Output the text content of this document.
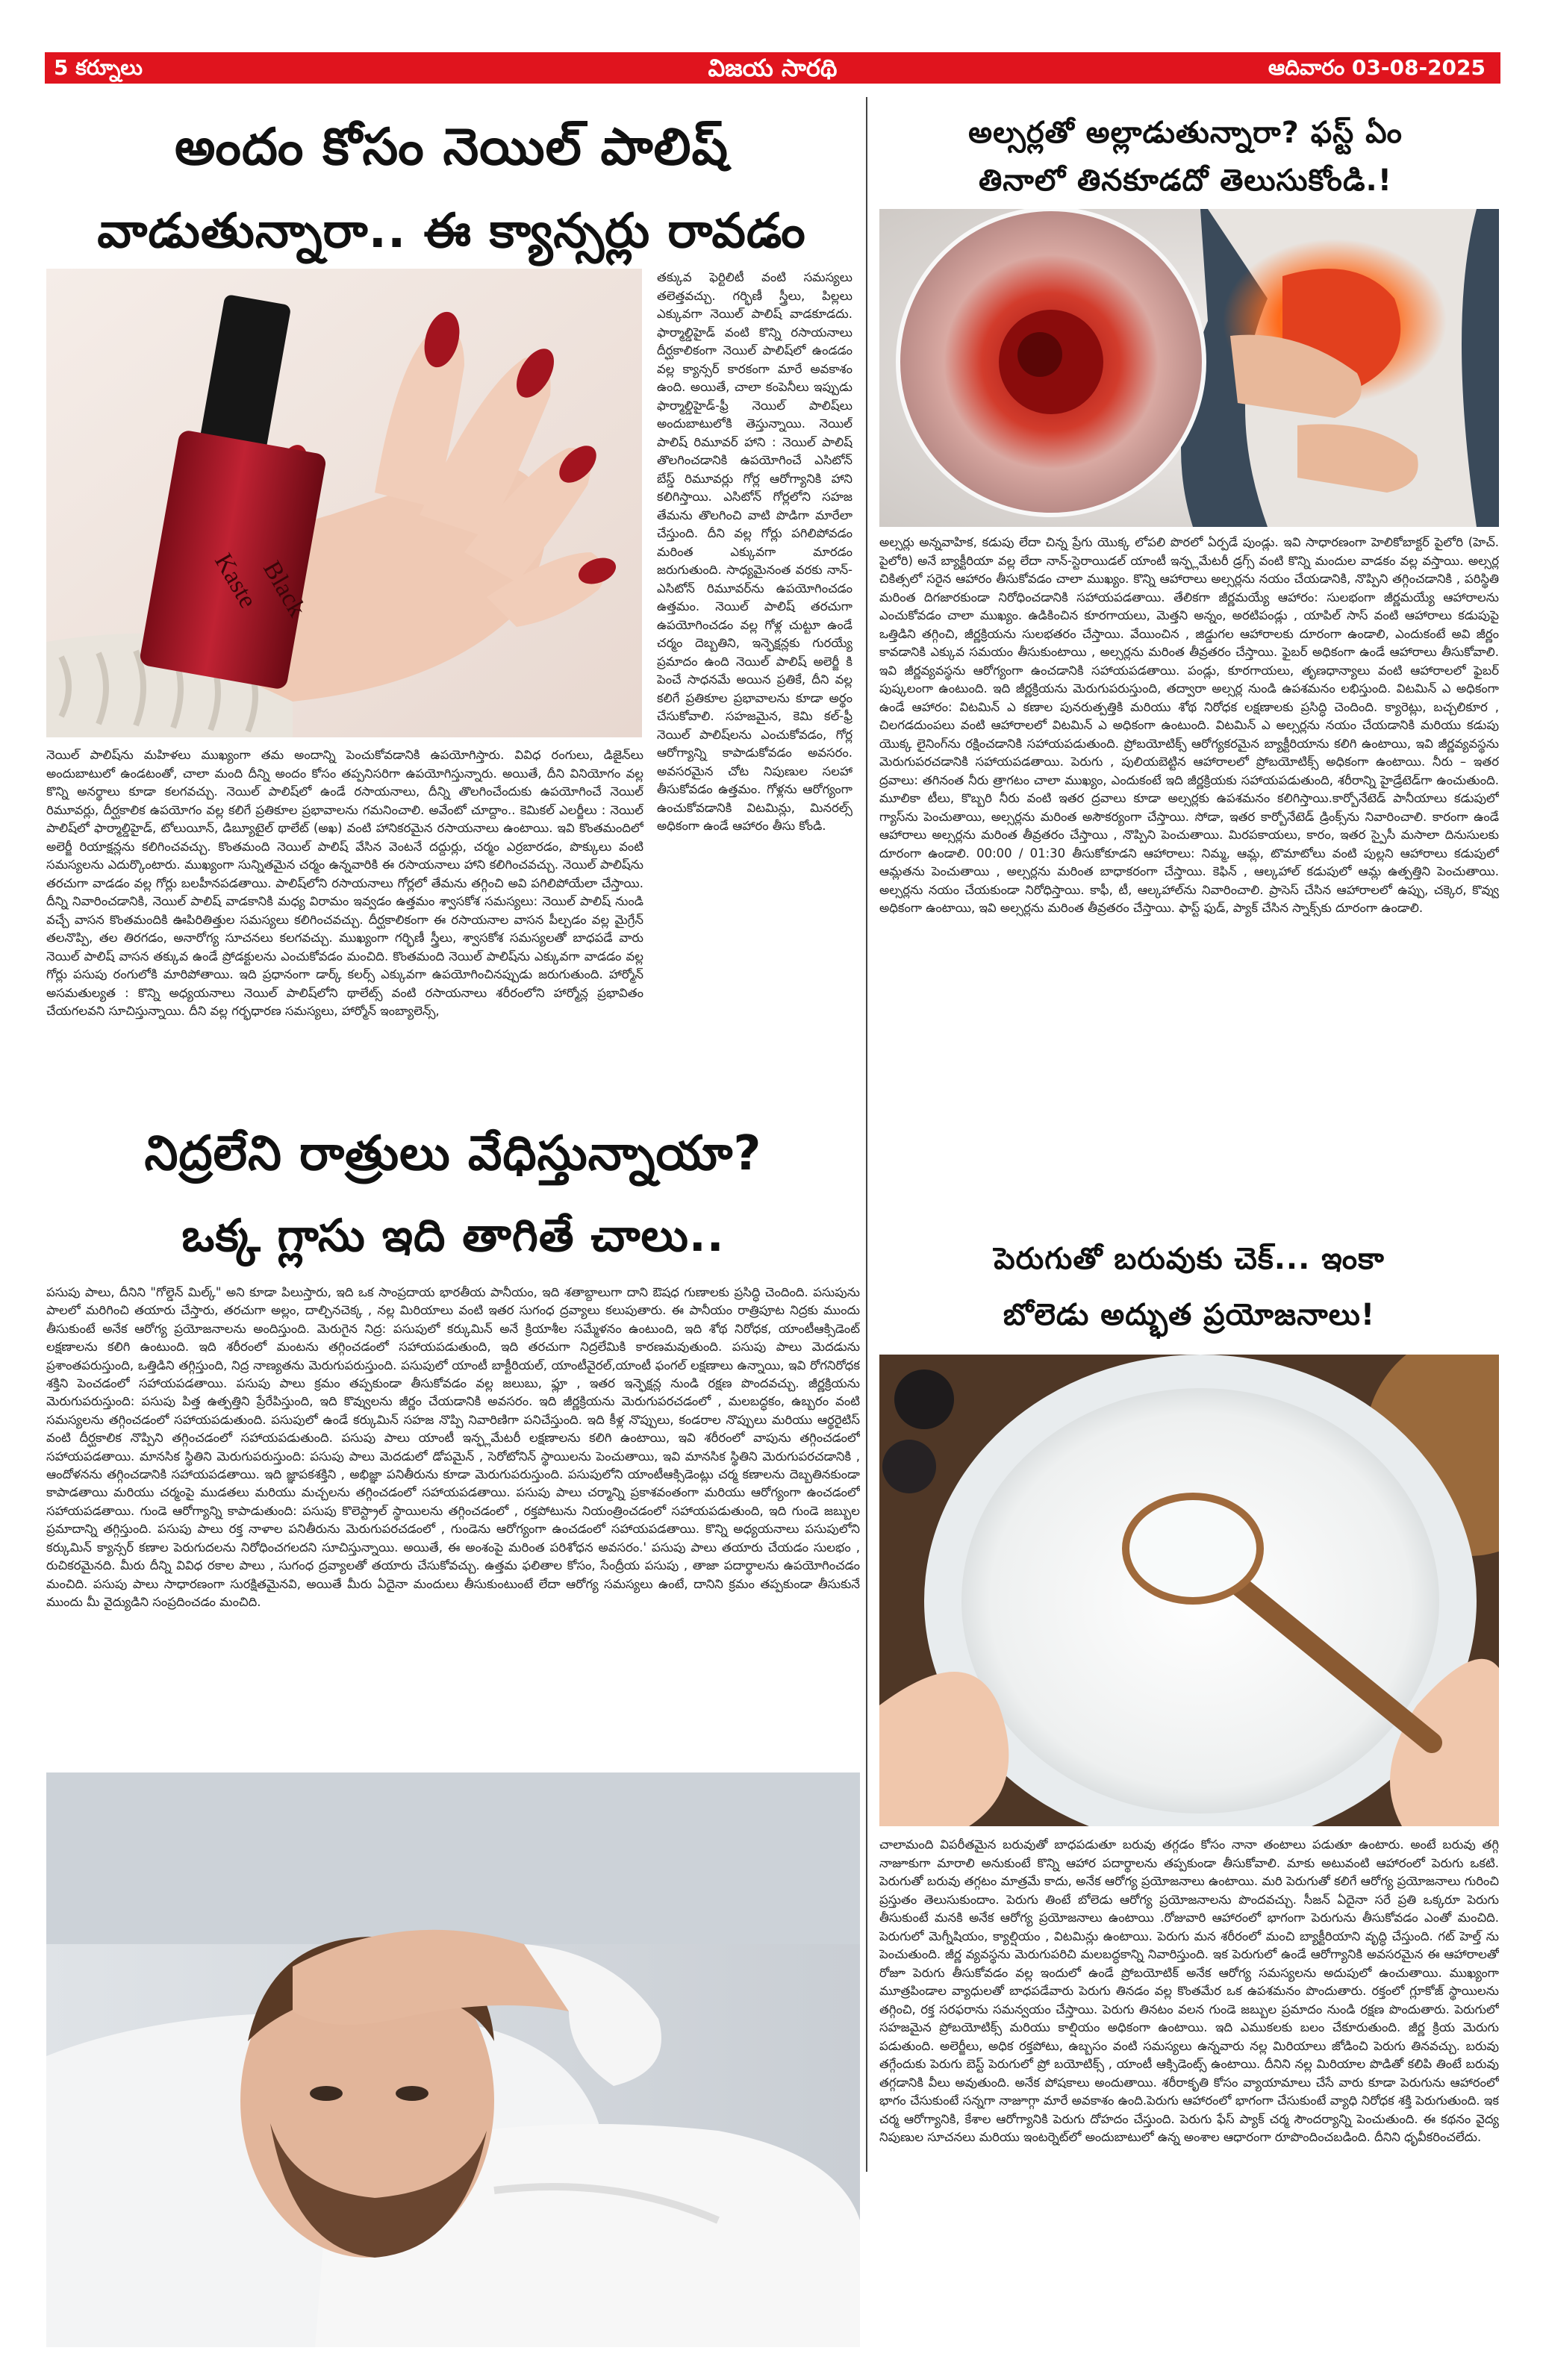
5 కర్నూలు	విజయ సారథి	ఆదివారం 03-08-2025
అందం కోసం నెయిల్ పాలిష్
వాడుతున్నారా.. ఈ క్యాన్సర్లు రావడం
Kaste
Black

తక్కువ ఫెర్టిలిటీ వంటి సమస్యలు తలెత్తవచ్చు. గర్భిణీ స్త్రీలు, పిల్లలు ఎక్కువగా నెయిల్ పాలిష్ వాడకూడదు. ఫార్మాల్డిహైడ్ వంటి కొన్ని రసాయనాలు దీర్ఘకాలికంగా నెయిల్ పాలిష్‌లో ఉండడం వల్ల క్యాన్సర్ కారకంగా మారే అవకాశం ఉంది. అయితే, చాలా కంపెనీలు ఇప్పుడు ఫార్మాల్డిహైడ్-ఫ్రీ నెయిల్ పాలిష్‌లు అందుబాటులోకి తెస్తున్నాయి. నెయిల్ పాలిష్ రిమూవర్ హాని : నెయిల్ పాలిష్ తొలగించడానికి ఉపయోగించే ఎసిటోన్ బేస్డ్ రిమూవర్లు గోర్ల ఆరోగ్యానికి హాని కలిగిస్తాయి. ఎసిటోన్ గోర్లలోని సహజ తేమను తొలగించి వాటి పొడిగా మారేలా చేస్తుంది. దీని వల్ల గోర్లు పగిలిపోవడం మరింత ఎక్కువగా మారడం జరుగుతుంది. సాధ్యమైనంత వరకు నాన్-ఎసిటోన్ రిమూవర్‌ను ఉపయోగించడం ఉత్తమం. నెయిల్ పాలిష్ తరచుగా ఉపయోగించడం వల్ల గోళ్ల చుట్టూ ఉండే చర్మం దెబ్బతిని, ఇన్ఫెక్షన్లకు గురయ్యే ప్రమాదం ఉంది నెయిల్ పాలిష్ అలెర్జీ కి పెంచే సాధనమే అయిన ప్రతికే, దీని వల్ల కలిగే ప్రతికూల ప్రభావాలను కూడా అర్థం చేసుకోవాలి. సహజమైన, కెమి కల్-ఫ్రీ నెయిల్ పాలిష్‌లను ఎంచుకోవడం, గోర్ల ఆరోగ్యాన్ని కాపాడుకోవడం అవసరం. అవసరమైన చోట నిపుణుల సలహా తీసుకోవడం ఉత్తమం. గోళ్లను ఆరోగ్యంగా ఉంచుకోవడానికి విటమిన్లు, మినరల్స్ అధికంగా ఉండే ఆహారం తీసు కోండి.

నెయిల్ పాలిష్‌ను మహిళలు ముఖ్యంగా తమ అందాన్ని పెంచుకోవడానికి ఉపయోగిస్తారు. వివిధ రంగులు, డిజైన్‌లు అందుబాటులో ఉండటంతో, చాలా మంది దీన్ని అందం కోసం తప్పనిసరిగా ఉపయోగిస్తున్నారు. అయితే, దీని వినియోగం వల్ల కొన్ని అనర్థాలు కూడా కలగవచ్చు. నెయిల్ పాలిష్‌లో ఉండే రసాయనాలు, దీన్ని తొలగించేందుకు ఉపయోగించే నెయిల్ రిమూవర్లు, దీర్ఘకాలిక ఉపయోగం వల్ల కలిగే ప్రతికూల ప్రభావాలను గమనించాలి. అవేంటో చూద్దాం.. కెమికల్ ఎలర్జీలు : నెయిల్ పాలిష్‌లో ఫార్మాల్డిహైడ్, టోలుయీన్, డిబ్యూటైల్ థాలేట్ (అఖ) వంటి హానికరమైన రసాయనాలు ఉంటాయి. ఇవి కొంతమందిలో అలెర్జీ రియాక్షన్లను కలిగించవచ్చు. కొంతమంది నెయిల్ పాలిష్ వేసిన వెంటనే దద్దుర్లు, చర్మం ఎర్రబారడం, పొక్కులు వంటి సమస్యలను ఎదుర్కొంటారు. ముఖ్యంగా సున్నితమైన చర్మం ఉన్నవారికి ఈ రసాయనాలు హాని కలిగించవచ్చు. నెయిల్ పాలిష్‌ను తరచుగా వాడడం వల్ల గోర్లు బలహీనపడతాయి. పాలిష్‌లోని రసాయనాలు గోర్లలో తేమను తగ్గించి అవి పగిలిపోయేలా చేస్తాయి. దీన్ని నివారించడానికి, నెయిల్ పాలిష్ వాడకానికి మధ్య విరామం ఇవ్వడం ఉత్తమం శ్వాసకోశ సమస్యలు: నెయిల్ పాలిష్ నుండి వచ్చే వాసన కొంతమందికి ఊపిరితిత్తుల సమస్యలు కలిగించవచ్చు. దీర్ఘకాలికంగా ఈ రసాయనాల వాసన పీల్చడం వల్ల మైగ్రేన్ తలనొప్పి, తల తిరగడం, అనారోగ్య సూచనలు కలగవచ్చు. ముఖ్యంగా గర్భిణీ స్త్రీలు, శ్వాసకోశ సమస్యలతో బాధపడే వారు నెయిల్ పాలిష్ వాసన తక్కువ ఉండే ప్రోడక్టులను ఎంచుకోవడం మంచిది. కొంతమంది నెయిల్ పాలిష్‌ను ఎక్కువగా వాడడం వల్ల గోర్లు పసుపు రంగులోకి మారిపోతాయి. ఇది ప్రధానంగా డార్క్ కలర్స్ ఎక్కువగా ఉపయోగించినప్పుడు జరుగుతుంది. హార్మోన్ అసమతుల్యత : కొన్ని అధ్యయనాలు నెయిల్ పాలిష్‌లోని థాలేట్స్ వంటి రసాయనాలు శరీరంలోని హార్మోన్ల ప్రభావితం చేయగలవని సూచిస్తున్నాయి. దీని వల్ల గర్భధారణ సమస్యలు, హార్మోన్ ఇంబ్యాలెన్స్,

అల్సర్లతో అల్లాడుతున్నారా? ఫస్ట్ ఏం
తినాలో తినకూడదో తెలుసుకోండి.!

అల్సర్లు అన్నవాహిక, కడుపు లేదా చిన్న ప్రేగు యొక్క లోపలి పొరలో ఏర్పడే పుండ్లు. ఇవి సాధారణంగా హెలికోబాక్టర్ పైలోరి (హెచ్. పైలోరి) అనే బ్యాక్టీరియా వల్ల లేదా నాన్-స్టెరాయిడల్ యాంటీ ఇన్ఫ్లమేటరీ డ్రగ్స్ వంటి కొన్ని మందుల వాడకం వల్ల వస్తాయి. అల్సర్ల చికిత్సలో సరైన ఆహారం తీసుకోవడం చాలా ముఖ్యం. కొన్ని ఆహారాలు అల్సర్లను నయం చేయడానికి, నొప్పిని తగ్గించడానికి , పరిస్థితి మరింత దిగజారకుండా నిరోధించడానికి సహాయపడతాయి. తేలికగా జీర్ణమయ్యే ఆహారం: సులభంగా జీర్ణమయ్యే ఆహారాలను ఎంచుకోవడం చాలా ముఖ్యం. ఉడికించిన కూరగాయలు, మెత్తని అన్నం, అరటిపండ్లు , యాపిల్ సాస్ వంటి ఆహారాలు కడుపుపై ఒత్తిడిని తగ్గించి, జీర్ణక్రియను సులభతరం చేస్తాయి. వేయించిన , జిడ్డుగల ఆహారాలకు దూరంగా ఉండాలి, ఎందుకంటే అవి జీర్ణం కావడానికి ఎక్కువ సమయం తీసుకుంటాయి , అల్సర్లను మరింత తీవ్రతరం చేస్తాయి. ఫైబర్ అధికంగా ఉండే ఆహారాలు తీసుకోవాలి. ఇవి జీర్ణవ్యవస్థను ఆరోగ్యంగా ఉంచడానికి సహాయపడతాయి. పండ్లు, కూరగాయలు, తృణధాన్యాలు వంటి ఆహారాలలో ఫైబర్ పుష్కలంగా ఉంటుంది. ఇది జీర్ణక్రియను మెరుగుపరుస్తుంది, తద్వారా అల్సర్ల నుండి ఉపశమనం లభిస్తుంది. విటమిన్ ఎ అధికంగా ఉండే ఆహారం: విటమిన్ ఎ కణాల పునరుత్పత్తికి మరియు శోథ నిరోధక లక్షణాలకు ప్రసిద్ధి చెందింది. క్యారెట్లు, బచ్చలికూర , చిలగడదుంపలు వంటి ఆహారాలలో విటమిన్ ఎ అధికంగా ఉంటుంది. విటమిన్ ఎ అల్సర్లను నయం చేయడానికి మరియు కడుపు యొక్క లైనింగ్‌ను రక్షించడానికి సహాయపడుతుంది. ప్రోబయోటిక్స్ ఆరోగ్యకరమైన బ్యాక్టీరియాను కలిగి ఉంటాయి, ఇవి జీర్ణవ్యవస్థను మెరుగుపరచడానికి సహాయపడతాయి. పెరుగు , పులియబెట్టిన ఆహారాలలో ప్రోబయోటిక్స్ అధికంగా ఉంటాయి. నీరు – ఇతర ద్రవాలు: తగినంత నీరు త్రాగటం చాలా ముఖ్యం, ఎందుకంటే ఇది జీర్ణక్రియకు సహాయపడుతుంది, శరీరాన్ని హైడ్రేటెడ్‌గా ఉంచుతుంది. మూలికా టీలు, కొబ్బరి నీరు వంటి ఇతర ద్రవాలు కూడా అల్సర్లకు ఉపశమనం కలిగిస్తాయి.కార్బోనేటెడ్ పానీయాలు కడుపులో గ్యాస్‌ను పెంచుతాయి, అల్సర్లను మరింత అసౌకర్యంగా చేస్తాయి. సోడా, ఇతర కార్బోనేటెడ్ డ్రింక్స్‌ను నివారించాలి. కారంగా ఉండే ఆహారాలు అల్సర్లను మరింత తీవ్రతరం చేస్తాయి , నొప్పిని పెంచుతాయి. మిరపకాయలు, కారం, ఇతర స్పైసీ మసాలా దినుసులకు దూరంగా ఉండాలి. 00:00 / 01:30 తీసుకోకూడని ఆహారాలు: నిమ్మ, ఆమ్ల, టొమాటోలు వంటి పుల్లని ఆహారాలు కడుపులో ఆమ్లతను పెంచుతాయి , అల్సర్లను మరింత బాధాకరంగా చేస్తాయి. కెఫిన్ , ఆల్కహాల్ కడుపులో ఆమ్ల ఉత్పత్తిని పెంచుతాయి. అల్సర్లను నయం చేయకుండా నిరోధిస్తాయి. కాఫీ, టీ, ఆల్కహాల్‌ను నివారించాలి. ప్రాసెస్ చేసిన ఆహారాలలో ఉప్పు, చక్కెర, కొవ్వు అధికంగా ఉంటాయి, ఇవి అల్సర్లను మరింత తీవ్రతరం చేస్తాయి. ఫాస్ట్ ఫుడ్, ప్యాక్ చేసిన స్నాక్స్‌కు దూరంగా ఉండాలి.

నిద్రలేని రాత్రులు వేధిస్తున్నాయా?
ఒక్క గ్లాసు ఇది తాగితే చాలు..

పసుపు పాలు, దీనిని "గోల్డెన్ మిల్క్" అని కూడా పిలుస్తారు, ఇది ఒక సాంప్రదాయ భారతీయ పానీయం, ఇది శతాబ్దాలుగా దాని ఔషధ గుణాలకు ప్రసిద్ధి చెందింది. పసుపును పాలలో మరిగించి తయారు చేస్తారు, తరచుగా అల్లం, దాల్చినచెక్క , నల్ల మిరియాలు వంటి ఇతర సుగంధ ద్రవ్యాలు కలుపుతారు. ఈ పానీయం రాత్రిపూట నిద్రకు ముందు తీసుకుంటే అనేక ఆరోగ్య ప్రయోజనాలను అందిస్తుంది. మెరుగైన నిద్ర: పసుపులో కర్కుమిన్ అనే క్రియాశీల సమ్మేళనం ఉంటుంది, ఇది శోథ నిరోధక, యాంటీఆక్సిడెంట్ లక్షణాలను కలిగి ఉంటుంది. ఇది శరీరంలో మంటను తగ్గించడంలో సహాయపడుతుంది, ఇది తరచుగా నిద్రలేమికి కారణమవుతుంది. పసుపు పాలు మెదడును ప్రశాంతపరుస్తుంది, ఒత్తిడిని తగ్గిస్తుంది, నిద్ర నాణ్యతను మెరుగుపరుస్తుంది. పసుపులో యాంటీ బాక్టీరియల్, యాంటీవైరల్,యాంటీ ఫంగల్ లక్షణాలు ఉన్నాయి, ఇవి రోగనిరోధక శక్తిని పెంచడంలో సహాయపడతాయి. పసుపు పాలు క్రమం తప్పకుండా తీసుకోవడం వల్ల జలుబు, ఫ్లూ , ఇతర ఇన్ఫెక్షన్ల నుండి రక్షణ పొందవచ్చు. జీర్ణక్రియను మెరుగుపరుస్తుంది: పసుపు పిత్త ఉత్పత్తిని ప్రేరేపిస్తుంది, ఇది కొవ్వులను జీర్ణం చేయడానికి అవసరం. ఇది జీర్ణక్రియను మెరుగుపరచడంలో , మలబద్ధకం, ఉబ్బరం వంటి సమస్యలను తగ్గించడంలో సహాయపడుతుంది. పసుపులో ఉండే కర్కుమిన్ సహజ నొప్పి నివారిణిగా పనిచేస్తుంది. ఇది కీళ్ల నొప్పులు, కండరాల నొప్పులు మరియు ఆర్థరైటిస్ వంటి దీర్ఘకాలిక నొప్పిని తగ్గించడంలో సహాయపడుతుంది. పసుపు పాలు యాంటీ ఇన్ఫ్లమేటరీ లక్షణాలను కలిగి ఉంటాయి, ఇవి శరీరంలో వాపును తగ్గించడంలో సహాయపడతాయి. మానసిక స్థితిని మెరుగుపరుస్తుంది: పసుపు పాలు మెదడులో డోపమైన్ , సెరోటోనిన్ స్థాయిలను పెంచుతాయి, ఇవి మానసిక స్థితిని మెరుగుపరచడానికి , ఆందోళనను తగ్గించడానికి సహాయపడతాయి. ఇది జ్ఞాపకశక్తిని , అభిజ్ఞా పనితీరును కూడా మెరుగుపరుస్తుంది. పసుపులోని యాంటీఆక్సిడెంట్లు చర్మ కణాలను దెబ్బతినకుండా కాపాడతాయి మరియు చర్మంపై ముడతలు మరియు మచ్చలను తగ్గించడంలో సహాయపడతాయి. పసుపు పాలు చర్మాన్ని ప్రకాశవంతంగా మరియు ఆరోగ్యంగా ఉంచడంలో సహాయపడతాయి. గుండె ఆరోగ్యాన్ని కాపాడుతుంది: పసుపు కొలెస్ట్రాల్ స్థాయిలను తగ్గించడంలో , రక్తపోటును నియంత్రించడంలో సహాయపడుతుంది, ఇది గుండె జబ్బుల ప్రమాదాన్ని తగ్గిస్తుంది. పసుపు పాలు రక్త నాళాల పనితీరును మెరుగుపరచడంలో , గుండెను ఆరోగ్యంగా ఉంచడంలో సహాయపడతాయి. కొన్ని అధ్యయనాలు పసుపులోని కర్కుమిన్ క్యాన్సర్ కణాల పెరుగుదలను నిరోధించగలదని సూచిస్తున్నాయి. అయితే, ఈ అంశంపై మరింత పరిశోధన అవసరం.' పసుపు పాలు తయారు చేయడం సులభం , రుచికరమైనది. మీరు దీన్ని వివిధ రకాల పాలు , సుగంధ ద్రవ్యాలతో తయారు చేసుకోవచ్చు. ఉత్తమ ఫలితాల కోసం, సేంద్రీయ పసుపు , తాజా పదార్థాలను ఉపయోగించడం మంచిది. పసుపు పాలు సాధారణంగా సురక్షితమైనవి, అయితే మీరు ఏదైనా మందులు తీసుకుంటుంటే లేదా ఆరోగ్య సమస్యలు ఉంటే, దానిని క్రమం తప్పకుండా తీసుకునే ముందు మీ వైద్యుడిని సంప్రదించడం మంచిది.

పెరుగుతో బరువుకు చెక్... ఇంకా
బోలెడు అద్భుత ప్రయోజనాలు!

చాలామంది విపరీతమైన బరువుతో బాధపడుతూ బరువు తగ్గడం కోసం నానా తంటాలు పడుతూ ఉంటారు. అంటే బరువు తగ్గి నాజూకుగా మారాలి అనుకుంటే కొన్ని ఆహార పదార్థాలను తప్పకుండా తీసుకోవాలి. మాకు అటువంటి ఆహారంలో పెరుగు ఒకటి. పెరుగుతో బరువు తగ్గటం మాత్రమే కాదు, అనేక ఆరోగ్య ప్రయోజనాలు ఉంటాయి. మరి పెరుగుతో కలిగే ఆరోగ్య ప్రయోజనాలు గురించి ప్రస్తుతం తెలుసుకుందాం. పెరుగు తింటే బోలెడు ఆరోగ్య ప్రయోజనాలను పొందవచ్చు. సీజన్ ఏదైనా సరే ప్రతి ఒక్కరూ పెరుగు తీసుకుంటే మనకి అనేక ఆరోగ్య ప్రయోజనాలు ఉంటాయి .రోజువారి ఆహారంలో భాగంగా పెరుగును తీసుకోవడం ఎంతో మంచిది. పెరుగులో మెగ్నీషియం, క్యాల్షియం , విటమిన్లు ఉంటాయి. పెరుగు మన శరీరంలో మంచి బ్యాక్టీరియాని వృద్ధి చేస్తుంది. గట్ హెల్త్ ను పెంచుతుంది. జీర్ణ వ్యవస్థను మెరుగుపరిచి మలబద్ధకాన్ని నివారిస్తుంది. ఇక పెరుగులో ఉండే ఆరోగ్యానికి అవసరమైన ఈ ఆహారాలతో రోజూ పెరుగు తీసుకోవడం వల్ల ఇందులో ఉండే ప్రోబయోటిక్ అనేక ఆరోగ్య సమస్యలను అదుపులో ఉంచుతాయి. ముఖ్యంగా మూత్రపిండాల వ్యాధులతో బాధపడేవారు పెరుగు తినడం వల్ల కొంతమేర ఒక ఉపశమనం పొందుతారు. రక్తంలో గ్లూకోజ్ స్థాయిలను తగ్గించి, రక్త సరఫరాను సమన్వయం చేస్తాయి. పెరుగు తినటం వలన గుండె జబ్బుల ప్రమాదం నుండి రక్షణ పొందుతారు. పెరుగులో సహజమైన ప్రోబయోటిక్స్ మరియు కాల్షియం అధికంగా ఉంటాయి. ఇది ఎముకలకు బలం చేకూరుతుంది. జీర్ణ క్రియ మెరుగు పడుతుంది. అలెర్జీలు, అధిక రక్తపోటు, ఉబ్బసం వంటి సమస్యలు ఉన్నవారు నల్ల మిరియాలు జోడించి పెరుగు తినవచ్చు. బరువు తగ్గేందుకు పెరుగు బెస్ట్ పెరుగులో ప్రో బయోటిక్స్ , యాంటీ ఆక్సిడెంట్స్ ఉంటాయి. దీనిని నల్ల మిరియాల పొడితో కలిపి తింటే బరువు తగ్గడానికి వీలు అవుతుంది. అనేక పోషకాలు అందుతాయి. శరీరాకృతి కోసం వ్యాయామాలు చేసే వారు కూడా పెరుగును ఆహారంలో భాగం చేసుకుంటే సన్నగా నాజూగ్గా మారే అవకాశం ఉంది.పెరుగు ఆహారంలో భాగంగా చేసుకుంటే వ్యాధి నిరోధక శక్తి పెరుగుతుంది. ఇక చర్మ ఆరోగ్యానికి, కేశాల ఆరోగ్యానికి పెరుగు దోహదం చేస్తుంది. పెరుగు ఫేస్ ప్యాక్ చర్మ సౌందర్యాన్ని పెంచుతుంది. ఈ కథనం వైద్య నిపుణుల సూచనలు మరియు ఇంటర్నెట్‌లో అందుబాటులో ఉన్న అంశాల ఆధారంగా రూపొందించబడింది. దీనిని ధృవీకరించలేదు.
